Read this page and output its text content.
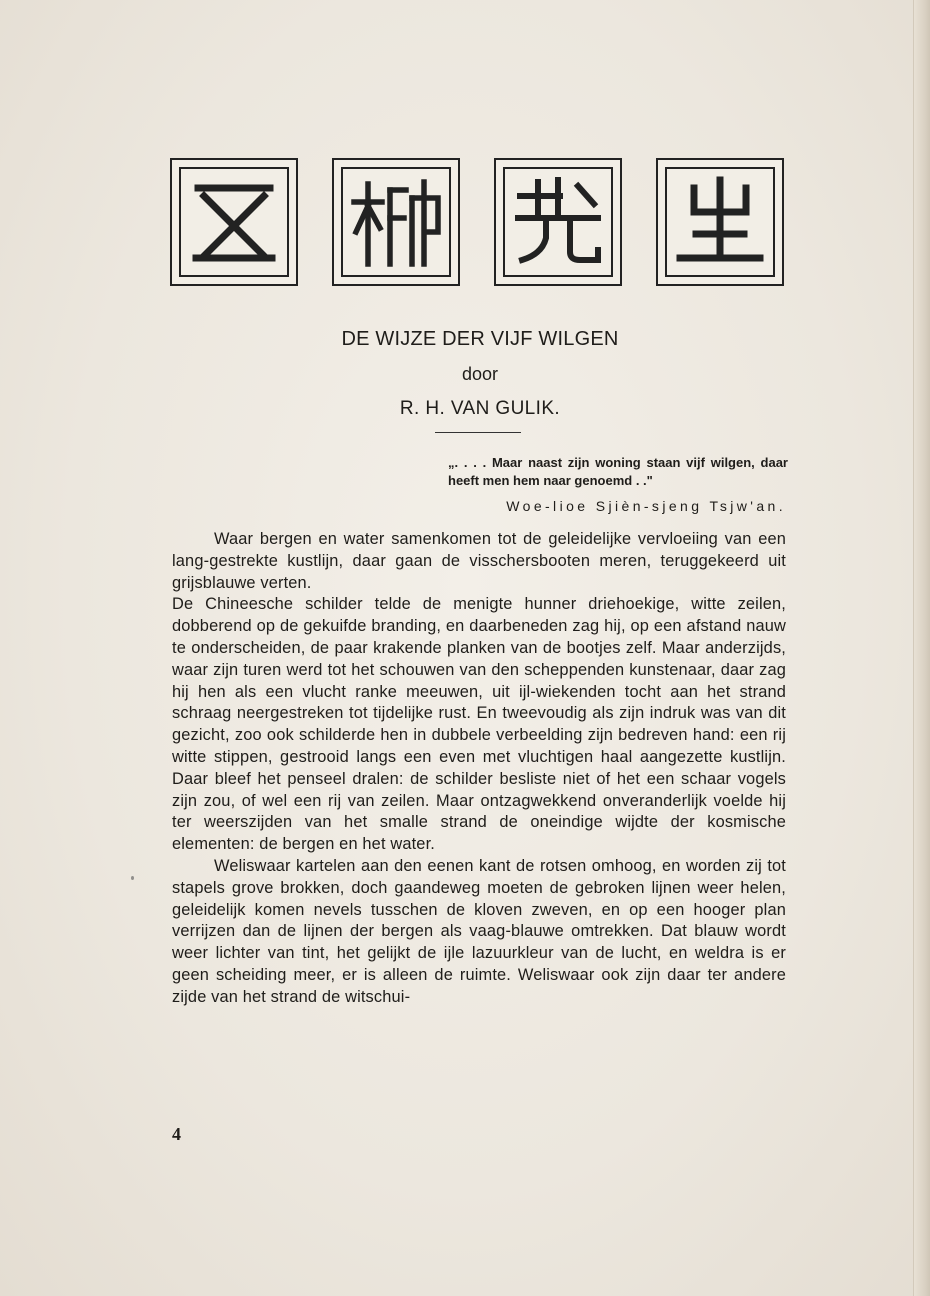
DE WIJZE DER VIJF WILGEN
door
R. H. VAN GULIK.
„. . . . Maar naast zijn woning staan vijf wilgen, daar heeft men hem naar genoemd . ."
Woe-lioe Sjièn-sjeng Tsjw'an.

Waar bergen en water samenkomen tot de geleidelijke vervloeiing van een lang-gestrekte kustlijn, daar gaan de visschersbooten meren, teruggekeerd uit grijsblauwe verten.

De Chineesche schilder telde de menigte hunner driehoekige, witte zeilen, dobberend op de gekuifde branding, en daarbeneden zag hij, op een afstand nauw te onderscheiden, de paar krakende planken van de bootjes zelf. Maar anderzijds, waar zijn turen werd tot het schouwen van den scheppenden kunstenaar, daar zag hij hen als een vlucht ranke meeuwen, uit ijl-wiekenden tocht aan het strand schraag neergestreken tot tijdelijke rust. En tweevoudig als zijn indruk was van dit gezicht, zoo ook schilderde hen in dubbele verbeelding zijn bedreven hand: een rij witte stippen, gestrooid langs een even met vluchtigen haal aangezette kustlijn. Daar bleef het penseel dralen: de schilder besliste niet of het een schaar vogels zijn zou, of wel een rij van zeilen. Maar ontzagwekkend onveranderlijk voelde hij ter weerszijden van het smalle strand de oneindige wijdte der kosmische elementen: de bergen en het water.

Weliswaar kartelen aan den eenen kant de rotsen omhoog, en worden zij tot stapels grove brokken, doch gaandeweg moeten de gebroken lijnen weer helen, geleidelijk komen nevels tusschen de kloven zweven, en op een hooger plan verrijzen dan de lijnen der bergen als vaag-blauwe omtrekken. Dat blauw wordt weer lichter van tint, het gelijkt de ijle lazuurkleur van de lucht, en weldra is er geen scheiding meer, er is alleen de ruimte. Weliswaar ook zijn daar ter andere zijde van het strand de witschui-

4
